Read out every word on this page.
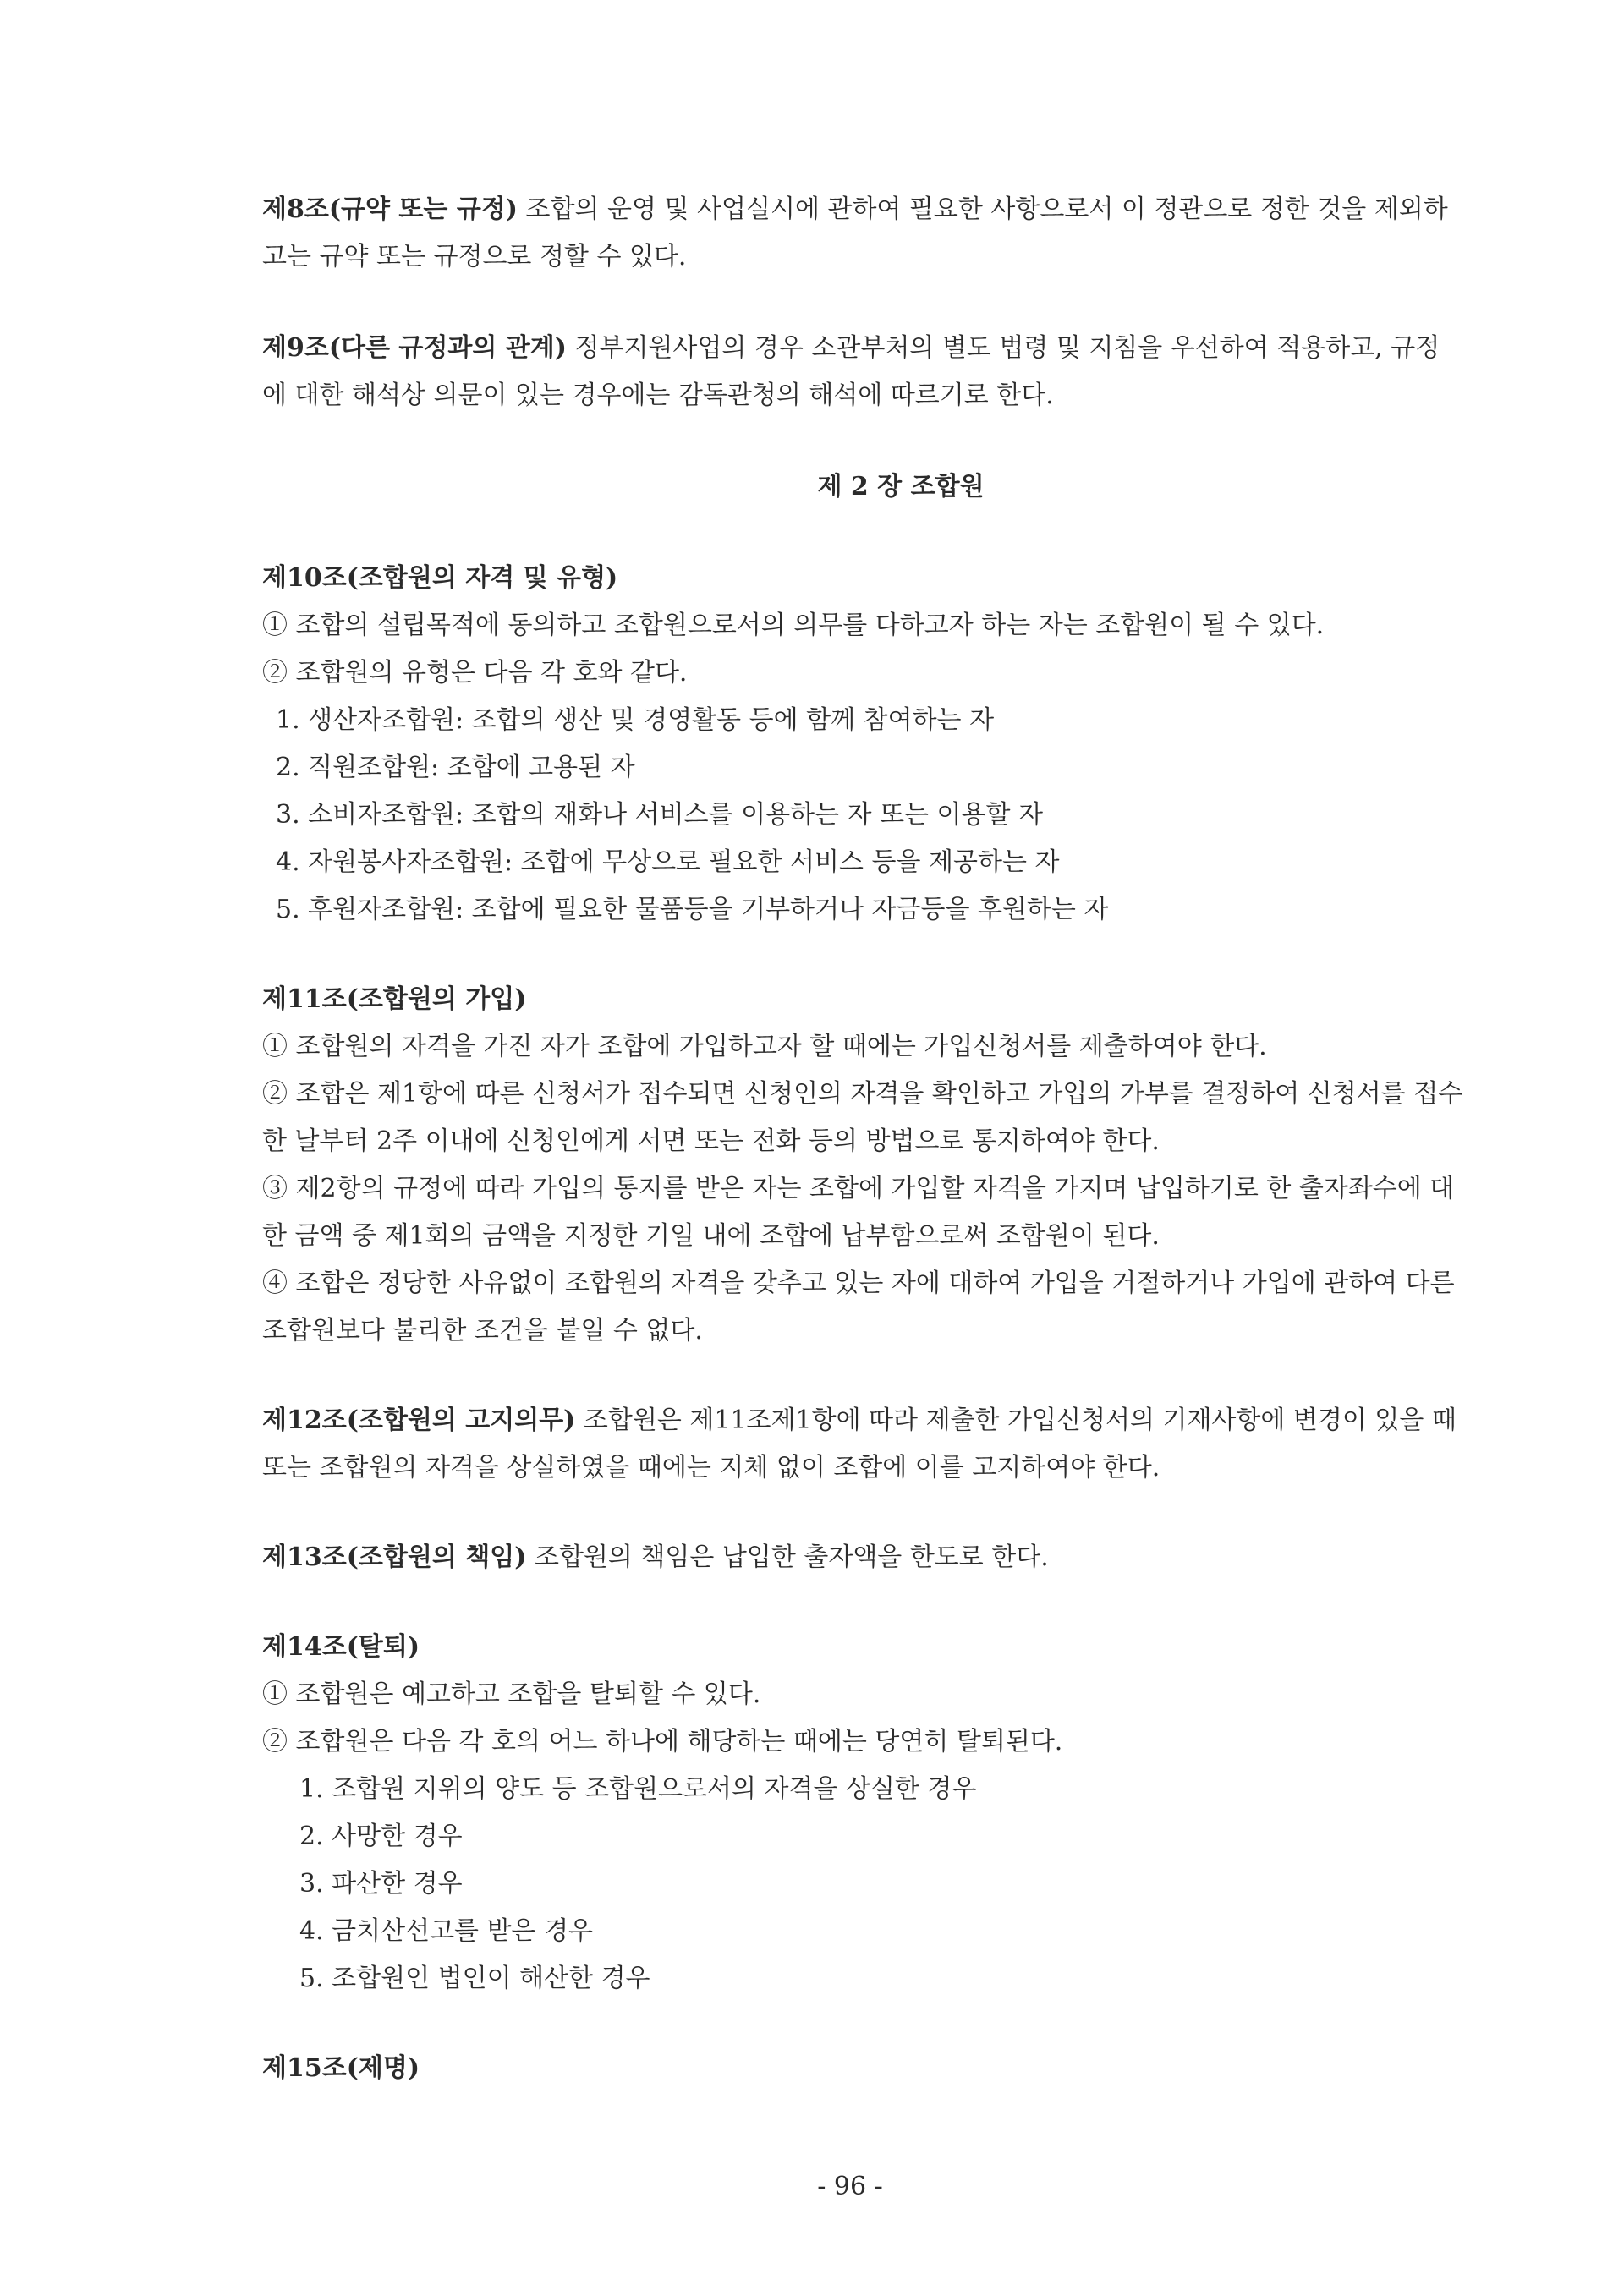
제8조(규약 또는 규정) 조합의 운영 및 사업실시에 관하여 필요한 사항으로서 이 정관으로 정한 것을 제외하고는 규약 또는 규정으로 정할 수 있다.

제9조(다른 규정과의 관계) 정부지원사업의 경우 소관부처의 별도 법령 및 지침을 우선하여 적용하고, 규정에 대한 해석상 의문이 있는 경우에는 감독관청의 해석에 따르기로 한다.

제 2 장 조합원

제10조(조합원의 자격 및 유형)

① 조합의 설립목적에 동의하고 조합원으로서의 의무를 다하고자 하는 자는 조합원이 될 수 있다.

② 조합원의 유형은 다음 각 호와 같다.

1. 생산자조합원: 조합의 생산 및 경영활동 등에 함께 참여하는 자

2. 직원조합원: 조합에 고용된 자

3. 소비자조합원: 조합의 재화나 서비스를 이용하는 자 또는 이용할 자

4. 자원봉사자조합원: 조합에 무상으로 필요한 서비스 등을 제공하는 자

5. 후원자조합원: 조합에 필요한 물품등을 기부하거나 자금등을 후원하는 자

제11조(조합원의 가입)

① 조합원의 자격을 가진 자가 조합에 가입하고자 할 때에는 가입신청서를 제출하여야 한다.

② 조합은 제1항에 따른 신청서가 접수되면 신청인의 자격을 확인하고 가입의 가부를 결정하여 신청서를 접수한 날부터 2주 이내에 신청인에게 서면 또는 전화 등의 방법으로 통지하여야 한다.

③ 제2항의 규정에 따라 가입의 통지를 받은 자는 조합에 가입할 자격을 가지며 납입하기로 한 출자좌수에 대한 금액 중 제1회의 금액을 지정한 기일 내에 조합에 납부함으로써 조합원이 된다.

④ 조합은 정당한 사유없이 조합원의 자격을 갖추고 있는 자에 대하여 가입을 거절하거나 가입에 관하여 다른 조합원보다 불리한 조건을 붙일 수 없다.

제12조(조합원의 고지의무) 조합원은 제11조제1항에 따라 제출한 가입신청서의 기재사항에 변경이 있을 때 또는 조합원의 자격을 상실하였을 때에는 지체 없이 조합에 이를 고지하여야 한다.

제13조(조합원의 책임) 조합원의 책임은 납입한 출자액을 한도로 한다.

제14조(탈퇴)

① 조합원은 예고하고 조합을 탈퇴할 수 있다.

② 조합원은 다음 각 호의 어느 하나에 해당하는 때에는 당연히 탈퇴된다.

1. 조합원 지위의 양도 등 조합원으로서의 자격을 상실한 경우

2. 사망한 경우

3. 파산한 경우

4. 금치산선고를 받은 경우

5. 조합원인 법인이 해산한 경우

제15조(제명)

- 96 -
